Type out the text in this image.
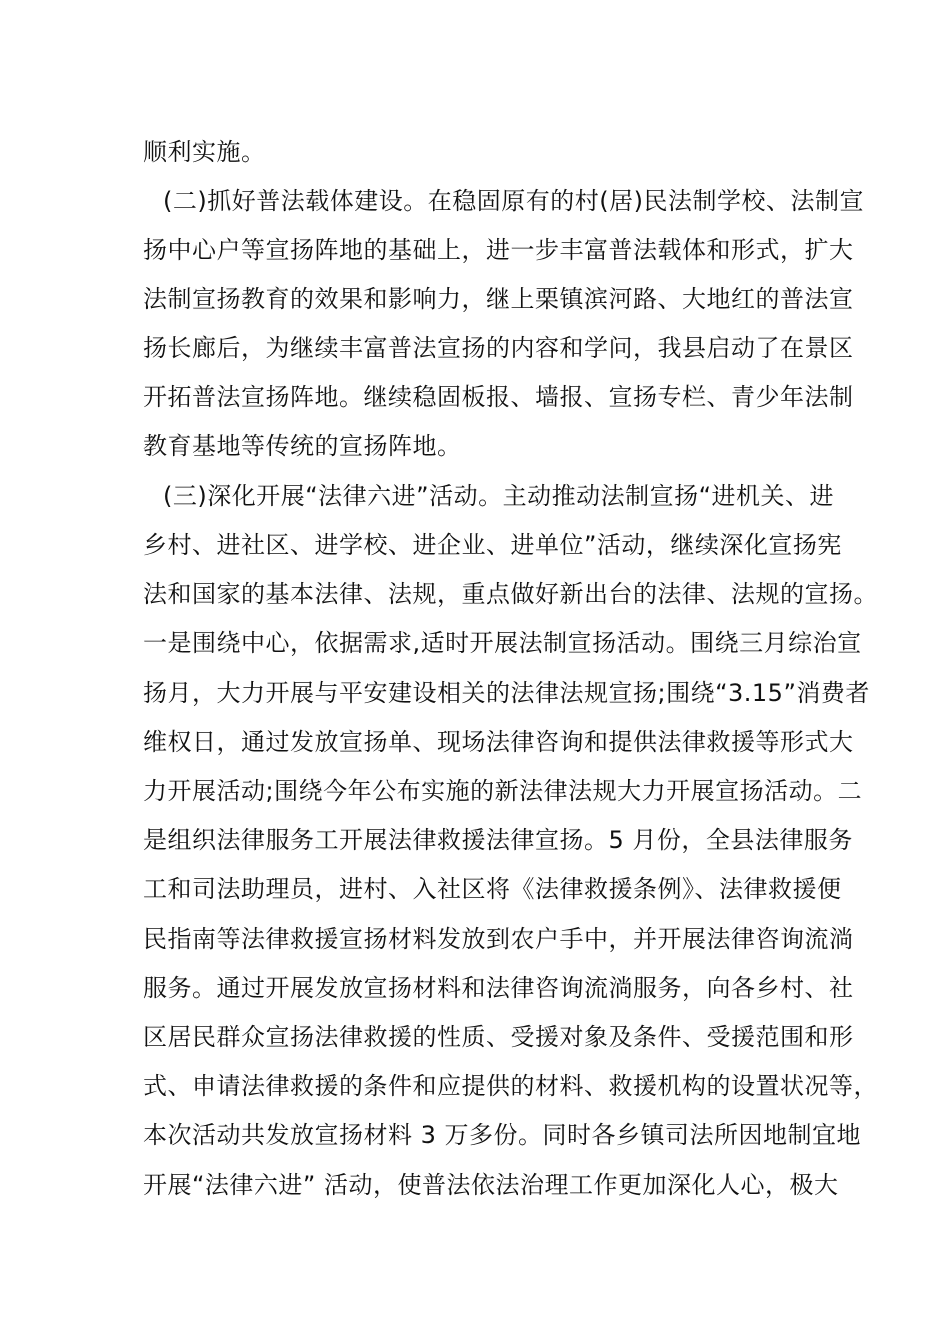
顺利实施。
(二)抓好普法载体建设。在稳固原有的村(居)民法制学校、法制宣
扬中心户等宣扬阵地的基础上，进一步丰富普法载体和形式，扩大
法制宣扬教育的效果和影响力，继上栗镇滨河路、大地红的普法宣
扬长廊后，为继续丰富普法宣扬的内容和学问，我县启动了在景区
开拓普法宣扬阵地。继续稳固板报、墙报、宣扬专栏、青少年法制
教育基地等传统的宣扬阵地。
(三)深化开展“法律六进”活动。主动推动法制宣扬“进机关、进
乡村、进社区、进学校、进企业、进单位”活动，继续深化宣扬宪
法和国家的基本法律、法规，重点做好新出台的法律、法规的宣扬。
一是围绕中心，依据需求,适时开展法制宣扬活动。围绕三月综治宣
扬月，大力开展与平安建设相关的法律法规宣扬;围绕“3.15”消费者
维权日，通过发放宣扬单、现场法律咨询和提供法律救援等形式大
力开展活动;围绕今年公布实施的新法律法规大力开展宣扬活动。二
是组织法律服务工开展法律救援法律宣扬。5 月份，全县法律服务
工和司法助理员，进村、入社区将《法律救援条例》、法律救援便
民指南等法律救援宣扬材料发放到农户手中，并开展法律咨询流淌
服务。通过开展发放宣扬材料和法律咨询流淌服务，向各乡村、社
区居民群众宣扬法律救援的性质、受援对象及条件、受援范围和形
式、申请法律救援的条件和应提供的材料、救援机构的设置状况等，
本次活动共发放宣扬材料 3 万多份。同时各乡镇司法所因地制宜地
开展“法律六进” 活动，使普法依法治理工作更加深化人心，极大
